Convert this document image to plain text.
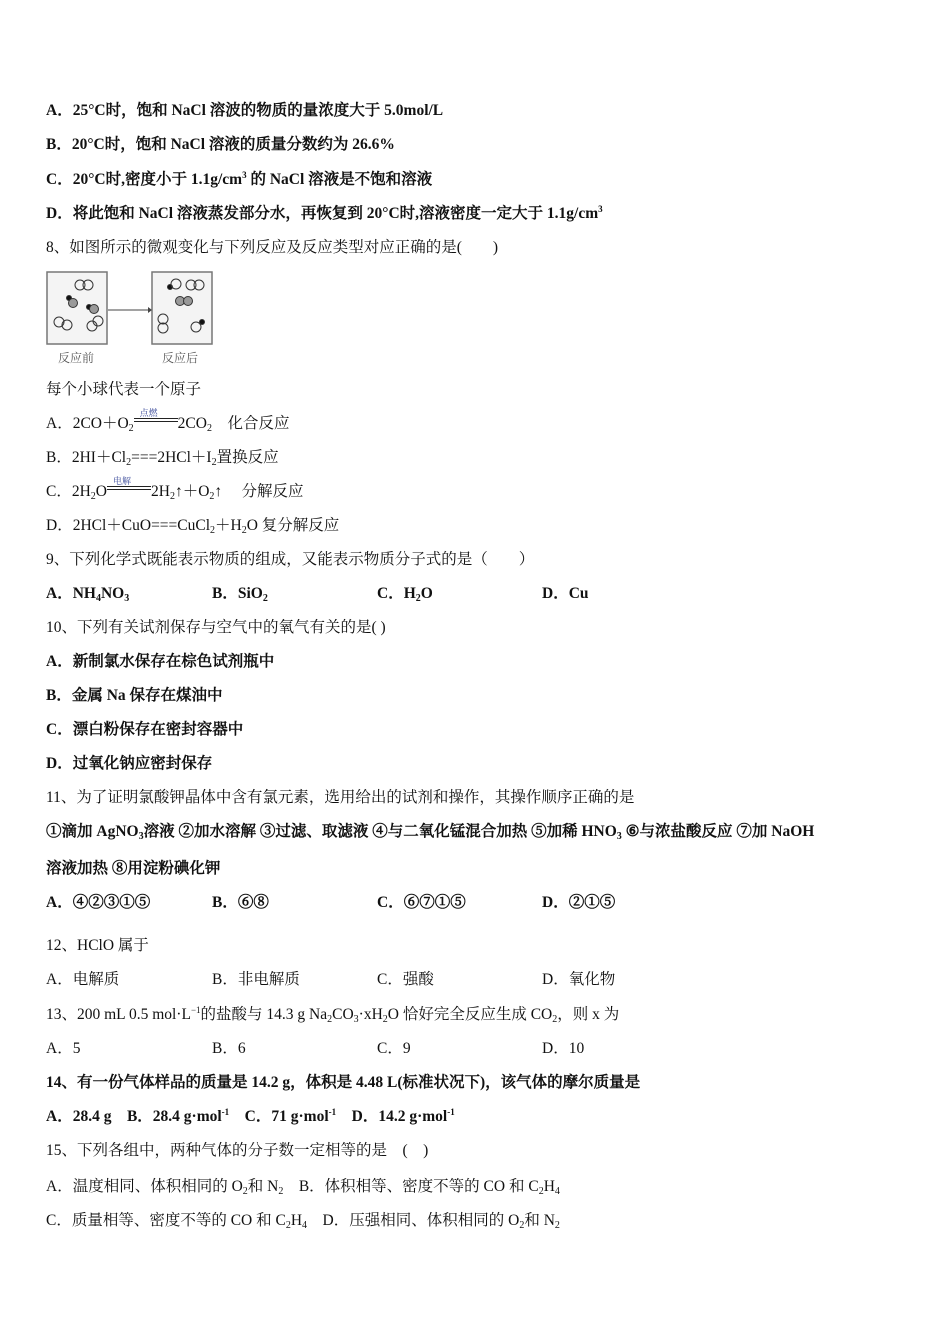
A．25°C时，饱和 NaCl 溶波的物质的量浓度大于 5.0mol/L
B．20°C时，饱和 NaCl 溶液的质量分数约为 26.6%
C．20°C时,密度小于 $1.1g/cm^3$ 的 NaCl 溶液是不饱和溶液
D．将此饱和 NaCl 溶液蒸发部分水，再恢复到 20°C时,溶液密度一定大于 $1.1g/cm^3$
8、如图所示的微观变化与下列反应及反应类型对应正确的是(　　)
每个小球代表一个原子
A．$2CO+O_2$
点燃
$2CO_2$　化合反应
B．$2HI+Cl_2===2HCl+I_2$置换反应
C．$2H_2O$
电解
$2H_2↑+O_2↑$　 分解反应
D．$2HCl+CuO===CuCl_2+H_2O$ 复分解反应
9、下列化学式既能表示物质的组成，又能表示物质分子式的是（　　）
A．$NH_4NO_3$	B．SiO$_2$	C．$H_2O$	D．Cu
10、下列有关试剂保存与空气中的氧气有关的是( )
A．新制氯水保存在棕色试剂瓶中
B．金属 Na 保存在煤油中
C．漂白粉保存在密封容器中
D．过氧化钠应密封保存
11、为了证明氯酸钾晶体中含有氯元素，选用给出的试剂和操作，其操作顺序正确的是
①滴加 AgNO$_3$溶液 ②加水溶解 ③过滤、取滤液 ④与二氧化锰混合加热 ⑤加稀 $HNO_3$ ⑥与浓盐酸反应 ⑦加 NaOH
溶液加热 ⑧用淀粉碘化钾
A．④②③①⑤	B．⑥⑧	C．⑥⑦①⑤	D．②①⑤
12、HClO 属于
A．电解质	B．非电解质	C．强酸	D．氧化物
13、200 mL 0.5 $mol\cdot L^{-1}$的盐酸与 14.3 g $Na_2CO_3\cdot xH_2O$ 恰好完全反应生成 $CO_2$，则 x 为
A．5	B．6	C．9	D．10
14、有一份气体样品的质量是 14.2 g，体积是 4.48 L(标准状况下)，该气体的摩尔质量是
A．28.4 g　B．28.4 g·mol$^{-1}$　C．71 g·mol$^{-1}$　D．14.2 g·mol$^{-1}$
15、下列各组中，两种气体的分子数一定相等的是　(　)
A．温度相同、体积相同的 $O_2$和 $N_2$　B．体积相等、密度不等的 CO 和 $C_2H_4$
C．质量相等、密度不等的 CO 和 $C_2H_4$　D．压强相同、体积相同的 $O_2$和 $N_2$
反应前	反应后
